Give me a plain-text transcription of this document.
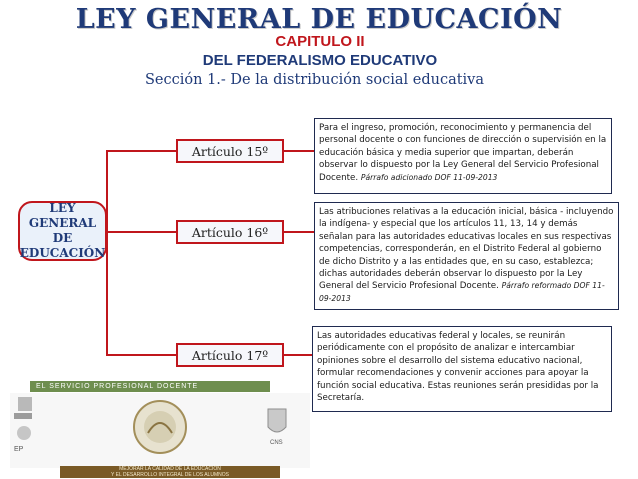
LEY GENERAL DE EDUCACIÓN
CAPITULO II
DEL FEDERALISMO EDUCATIVO
Sección 1.- De la distribución social educativa
LEY GENERAL
DE
EDUCACIÓN
Artículo 15º
Artículo 16º
Artículo 17º
Para el ingreso, promoción, reconocimiento y permanencia del personal docente o con funciones de dirección o supervisión en la educación básica y media superior que impartan, deberán observar lo dispuesto por la Ley General del Servicio Profesional Docente. Párrafo adicionado DOF 11-09-2013
Las atribuciones relativas a la educación inicial, básica - incluyendo la indígena- y especial que los artículos 11, 13, 14 y demás señalan para las autoridades educativas locales en sus respectivas competencias, corresponderán, en el Distrito Federal al gobierno de dicho Distrito y a las entidades que, en su caso, establezca; dichas autoridades deberán observar lo dispuesto por la Ley General del Servicio Profesional Docente. Párrafo reformado DOF 11-09-2013
Las autoridades educativas federal y locales, se reunirán periódicamente con el propósito de analizar e intercambiar opiniones sobre el desarrollo del sistema educativo nacional, formular recomendaciones y convenir acciones para apoyar la función social educativa. Estas reuniones serán presididas por la Secretaría.
EL SERVICIO PROFESIONAL DOCENTE
EP
CNS
MEJORAR LA CALIDAD DE LA EDUCACIÓN
Y EL DESARROLLO INTEGRAL DE LOS ALUMNOS
